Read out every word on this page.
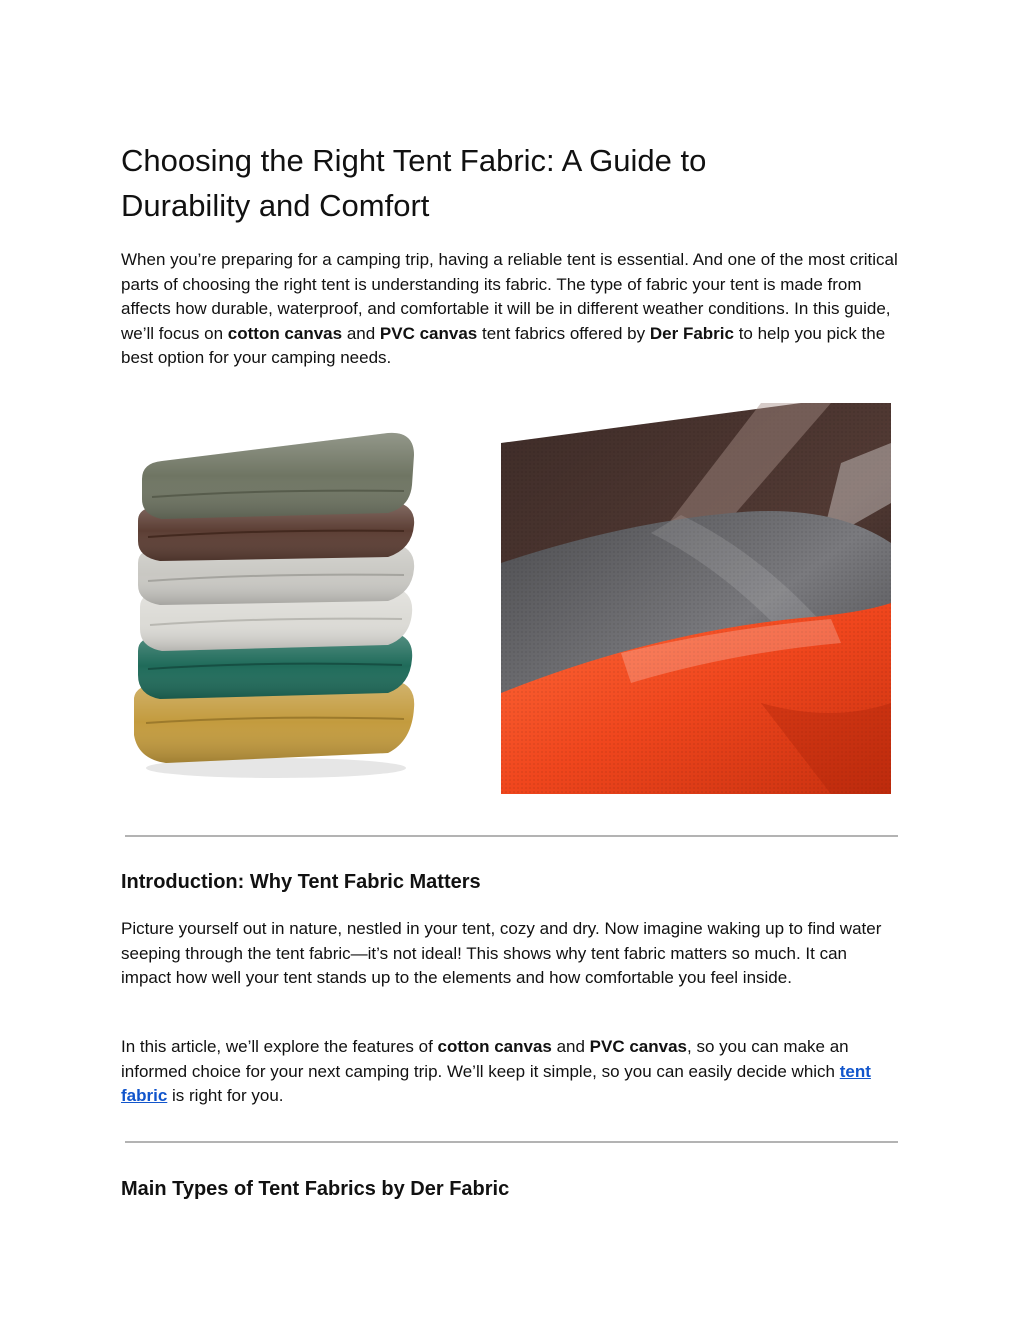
Choosing the Right Tent Fabric: A Guide to Durability and Comfort

When you’re preparing for a camping trip, having a reliable tent is essential. And one of the most critical parts of choosing the right tent is understanding its fabric. The type of fabric your tent is made from affects how durable, waterproof, and comfortable it will be in different weather conditions. In this guide, we’ll focus on cotton canvas and PVC canvas tent fabrics offered by Der Fabric to help you pick the best option for your camping needs.

Introduction: Why Tent Fabric Matters

Picture yourself out in nature, nestled in your tent, cozy and dry. Now imagine waking up to find water seeping through the tent fabric—it’s not ideal! This shows why tent fabric matters so much. It can impact how well your tent stands up to the elements and how comfortable you feel inside.

In this article, we’ll explore the features of cotton canvas and PVC canvas, so you can make an informed choice for your next camping trip. We’ll keep it simple, so you can easily decide which tent fabric is right for you.

Main Types of Tent Fabrics by Der Fabric
